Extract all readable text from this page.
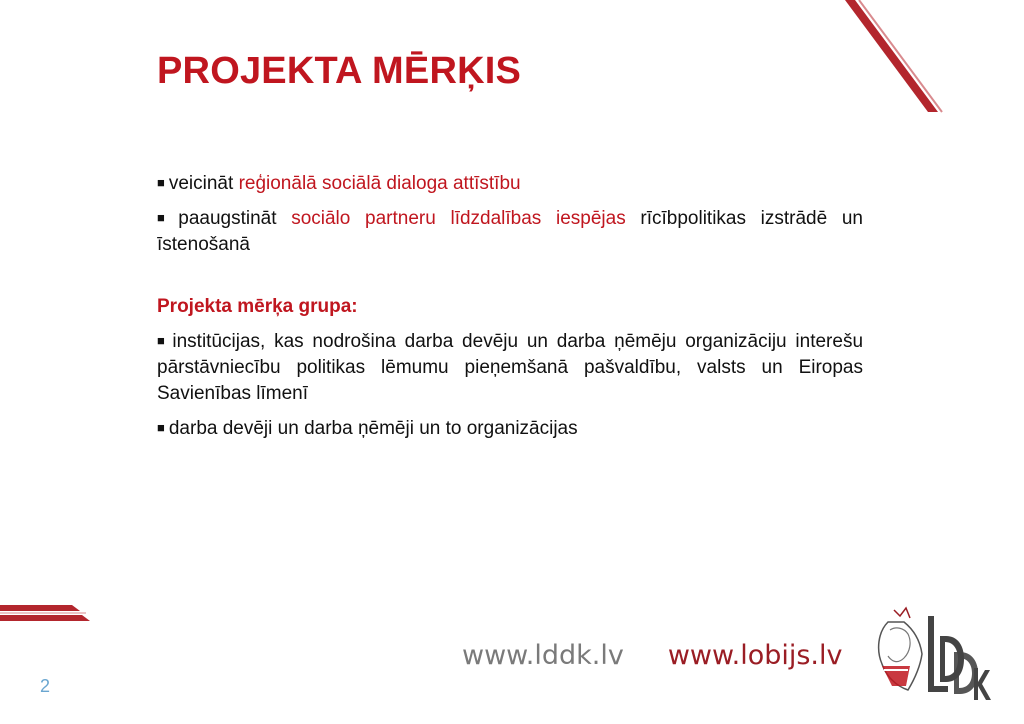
PROJEKTA MĒRĶIS

■ veicināt reģionālā sociālā dialoga attīstību

■ paaugstināt sociālo partneru līdzdalības iespējas rīcībpolitikas izstrādē un īstenošanā

Projekta mērķa grupa:

■ institūcijas, kas nodrošina darba devēju un darba ņēmēju organizāciju interešu pārstāvniecību politikas lēmumu pieņemšanā pašvaldību, valsts un Eiropas Savienības līmenī

■ darba devēji un darba ņēmēji un to organizācijas

www.lddk.lv www.lobijs.lv
2
